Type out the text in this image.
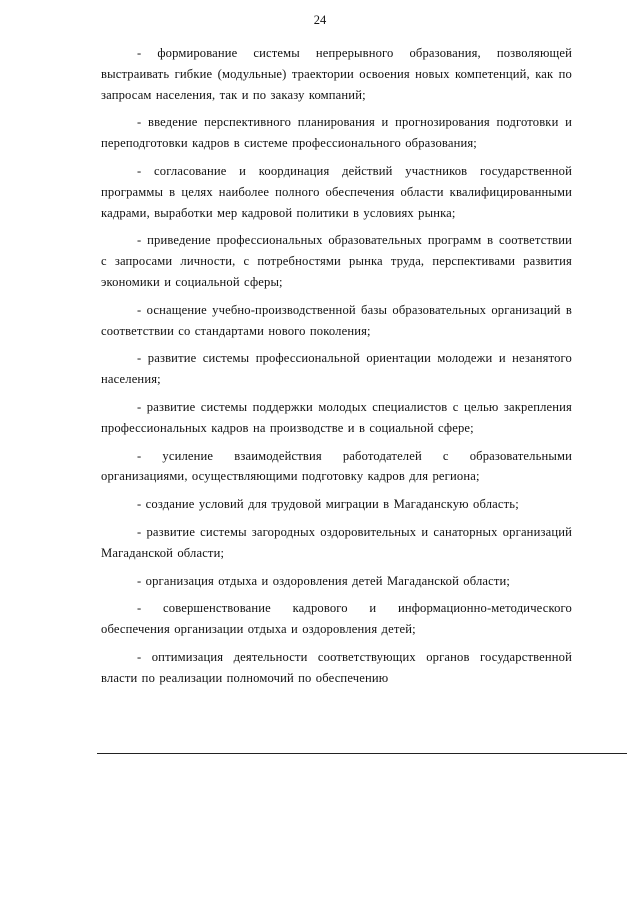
24

- формирование системы непрерывного образования, позволяющей выстраивать гибкие (модульные) траектории освоения новых компетенций, как по запросам населения, так и по заказу компаний;

- введение перспективного планирования и прогнозирования подготовки и переподготовки кадров в системе профессионального образования;

- согласование и координация действий участников государственной программы в целях наиболее полного обеспечения области квалифицированными кадрами, выработки мер кадровой политики в условиях рынка;

- приведение профессиональных образовательных программ в соответствии с запросами личности, с потребностями рынка труда, перспективами развития экономики и социальной сферы;

- оснащение учебно-производственной базы образовательных организаций в соответствии со стандартами нового поколения;

- развитие системы профессиональной ориентации молодежи и незанятого населения;

- развитие системы поддержки молодых специалистов с целью закрепления профессиональных кадров на производстве и в социальной сфере;

- усиление взаимодействия работодателей с образовательными организациями, осуществляющими подготовку кадров для региона;

- создание условий для трудовой миграции в Магаданскую область;

- развитие системы загородных оздоровительных и санаторных организаций Магаданской области;

- организация отдыха и оздоровления детей Магаданской области;

- совершенствование кадрового и информационно-методического обеспечения организации отдыха и оздоровления детей;

- оптимизация деятельности соответствующих органов государственной власти по реализации полномочий по обеспечению
